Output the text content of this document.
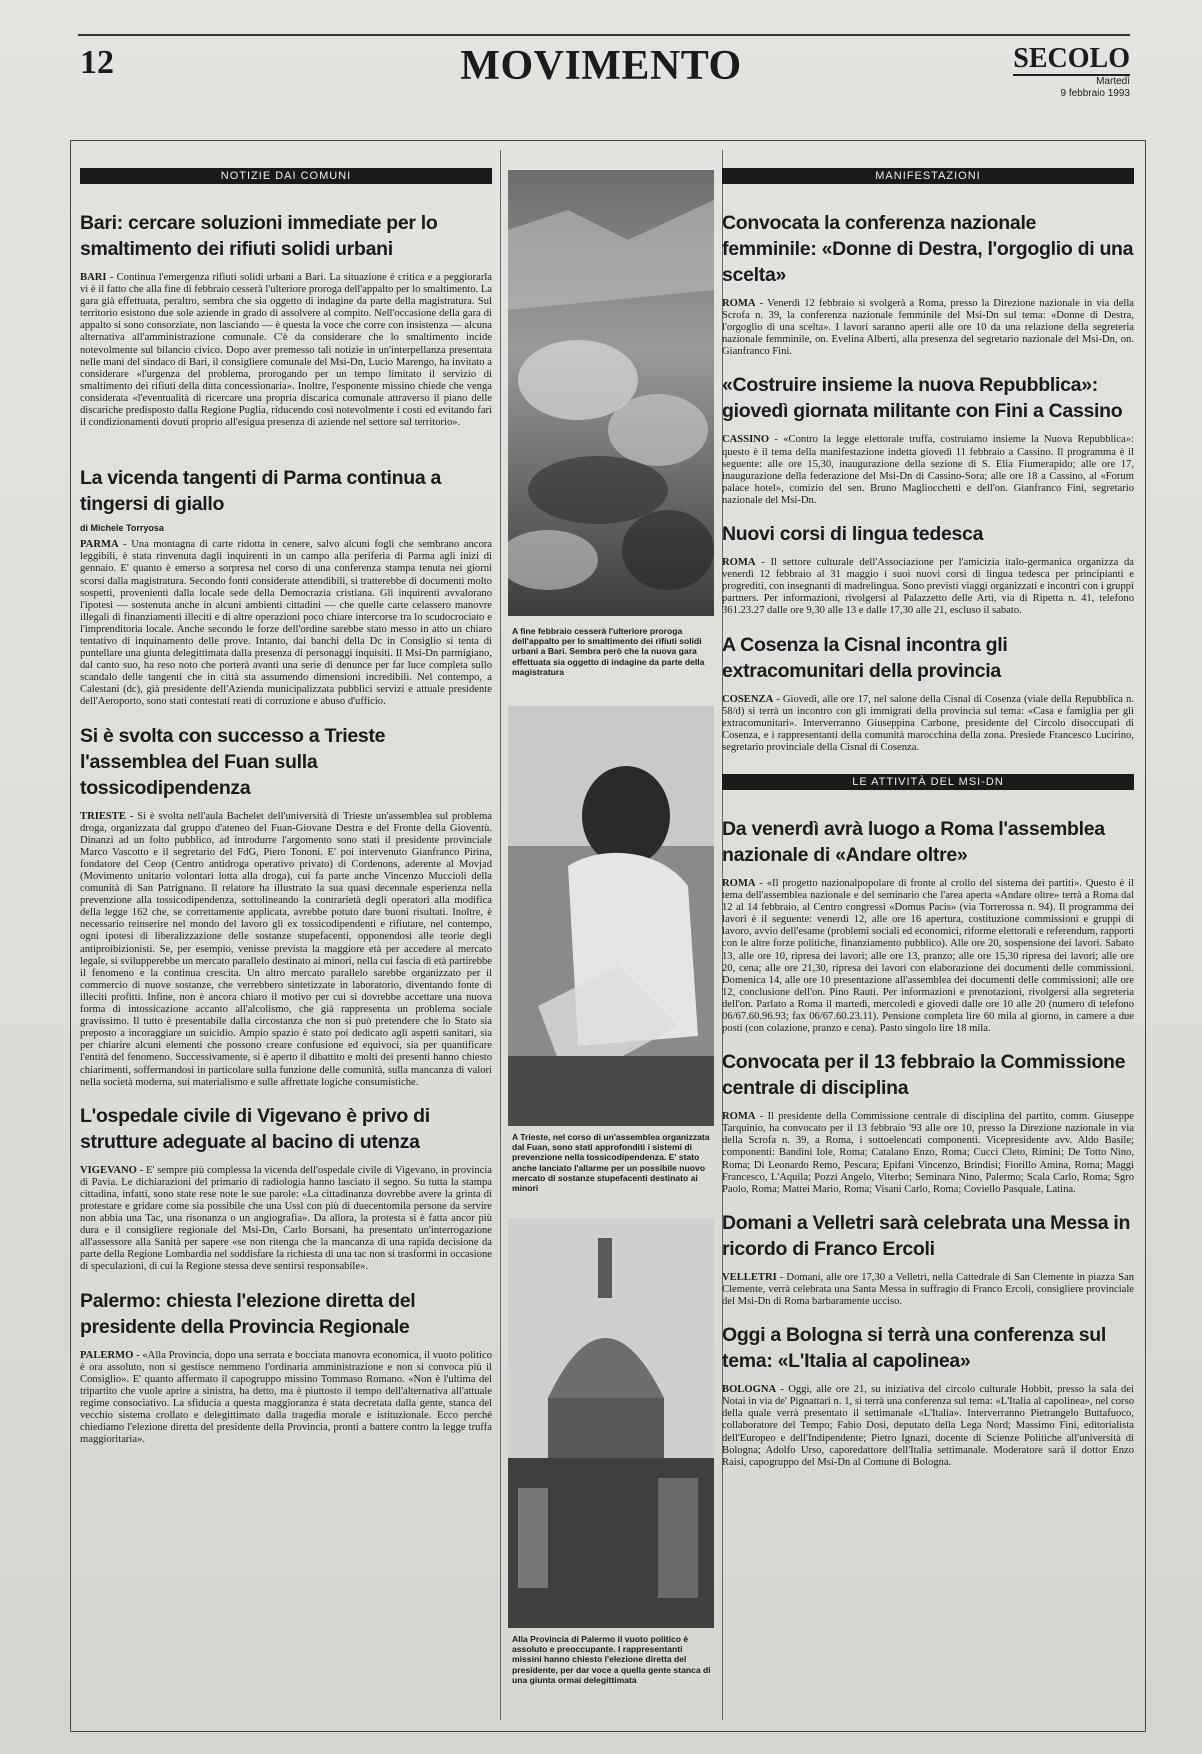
12	MOVIMENTO	SECOLO
Martedì
9 febbraio 1993
NOTIZIE DAI COMUNI
Bari: cercare soluzioni immediate per lo smaltimento dei rifiuti solidi urbani

BARI - Continua l'emergenza rifiuti solidi urbani a Bari. La situazione è critica e a peggiorarla vi è il fatto che alla fine di febbraio cesserà l'ulteriore proroga dell'appalto per lo smaltimento. La gara già effettuata, peraltro, sembra che sia oggetto di indagine da parte della magistratura. Sul territorio esistono due sole aziende in grado di assolvere al compito. Nell'occasione della gara di appalto si sono consorziate, non lasciando — è questa la voce che corre con insistenza — alcuna alternativa all'amministrazione comunale. C'è da considerare che lo smaltimento incide notevolmente sul bilancio civico. Dopo aver premesso tali notizie in un'interpellanza presentata nelle mani del sindaco di Bari, il consigliere comunale del Msi-Dn, Lucio Marengo, ha invitato a considerare «l'urgenza del problema, prorogando per un tempo limitato il servizio di smaltimento dei rifiuti della ditta concessionaria». Inoltre, l'esponente missino chiede che venga considerata «l'eventualità di ricercare una propria discarica comunale attraverso il piano delle discariche predisposto dalla Regione Puglia, riducendo così notevolmente i costi ed evitando fari il condizionamenti dovuti proprio all'esigua presenza di aziende nel settore sul territorio».

La vicenda tangenti di Parma continua a tingersi di giallo
di Michele Torryosa

PARMA - Una montagna di carte ridotta in cenere, salvo alcuni fogli che sembrano ancora leggibili, è stata rinvenuta dagli inquirenti in un campo alla periferia di Parma agli inizi di gennaio. E' quanto è emerso a sorpresa nel corso di una conferenza stampa tenuta nei giorni scorsi dalla magistratura. Secondo fonti considerate attendibili, si tratterebbe di documenti molto sospetti, provenienti dalla locale sede della Democrazia cristiana. Gli inquirenti avvalorano l'ipotesi — sostenuta anche in alcuni ambienti cittadini — che quelle carte celassero manovre illegali di finanziamenti illeciti e di altre operazioni poco chiare intercorse tra lo scudocrociato e l'imprenditoria locale. Anche secondo le forze dell'ordine sarebbe stato messo in atto un chiaro tentativo di inquinamento delle prove. Intanto, dai banchi della Dc in Consiglio si tenta di puntellare una giunta delegittimata dalla presenza di personaggi inquisiti. Il Msi-Dn parmigiano, dal canto suo, ha reso noto che porterà avanti una serie di denunce per far luce completa sullo scandalo delle tangenti che in città sta assumendo dimensioni incredibili. Nel contempo, a Calestani (dc), già presidente dell'Azienda municipalizzata pubblici servizi e attuale presidente dell'Aeroporto, sono stati contestati reati di corruzione e abuso d'ufficio.

Si è svolta con successo a Trieste l'assemblea del Fuan sulla tossicodipendenza

TRIESTE - Si è svolta nell'aula Bachelet dell'università di Trieste un'assemblea sul problema droga, organizzata dal gruppo d'ateneo del Fuan-Giovane Destra e del Fronte della Gioventù. Dinanzi ad un folto pubblico, ad introdurre l'argomento sono stati il presidente provinciale Marco Vascotto e il segretario del FdG, Piero Tononi. E' poi intervenuto Gianfranco Pirina, fondatore del Ceop (Centro antidroga operativo privato) di Cordenons, aderente al Movjad (Movimento unitario volontari lotta alla droga), cui fa parte anche Vincenzo Muccioli della comunità di San Patrignano. Il relatore ha illustrato la sua quasi decennale esperienza nella prevenzione alla tossicodipendenza, sottolineando la contrarietà degli operatori alla modifica della legge 162 che, se correttamente applicata, avrebbe potuto dare buoni risultati. Inoltre, è necessario reinserire nel mondo del lavoro gli ex tossicodipendenti e rifiutare, nel contempo, ogni ipotesi di liberalizzazione delle sostanze stupefacenti, opponendosi alle teorie degli antiproibizionisti. Se, per esempio, venisse prevista la maggiore età per accedere al mercato legale, si svilupperebbe un mercato parallelo destinato ai minori, nella cui fascia di età partirebbe il fenomeno e la continua crescita. Un altro mercato parallelo sarebbe organizzato per il commercio di nuove sostanze, che verrebbero sintetizzate in laboratorio, diventando fonte di illeciti profitti. Infine, non è ancora chiaro il motivo per cui si dovrebbe accettare una nuova forma di intossicazione accanto all'alcolismo, che già rappresenta un problema sociale gravissimo. Il tutto è presentabile dalla circostanza che non si può pretendere che lo Stato sia preposto a incoraggiare un suicidio. Ampio spazio è stato poi dedicato agli aspetti sanitari, sia per chiarire alcuni elementi che possono creare confusione ed equivoci, sia per quantificare l'entità del fenomeno. Successivamente, si è aperto il dibattito e molti dei presenti hanno chiesto chiarimenti, soffermandosi in particolare sulla funzione delle comunità, sulla mancanza di valori nella società moderna, sui materialismo e sulle affrettate logiche consumistiche.

L'ospedale civile di Vigevano è privo di strutture adeguate al bacino di utenza

VIGEVANO - E' sempre più complessa la vicenda dell'ospedale civile di Vigevano, in provincia di Pavia. Le dichiarazioni del primario di radiologia hanno lasciato il segno. Su tutta la stampa cittadina, infatti, sono state rese note le sue parole: «La cittadinanza dovrebbe avere la grinta di protestare e gridare come sia possibile che una Ussl con più di duecentomila persone da servire non abbia una Tac, una risonanza o un angiografia». Da allora, la protesta si è fatta ancor più dura e il consigliere regionale del Msi-Dn, Carlo Borsani, ha presentato un'interrogazione all'assessore alla Sanità per sapere «se non ritenga che la mancanza di una rapida decisione da parte della Regione Lombardia nel soddisfare la richiesta di una tac non si trasformi in occasione di speculazioni, di cui la Regione stessa deve sentirsi responsabile».

Palermo: chiesta l'elezione diretta del presidente della Provincia Regionale

PALERMO - «Alla Provincia, dopo una serrata e bocciata manovra economica, il vuoto politico è ora assoluto, non si gestisce nemmeno l'ordinaria amministrazione e non si convoca più il Consiglio». E' quanto affermato il capogruppo missino Tommaso Romano. «Non è l'ultima del tripartito che vuole aprire a sinistra, ha detto, ma è piuttosto il tempo dell'alternativa all'attuale regime consociativo. La sfiducia a questa maggioranza è stata decretata dalla gente, stanca del vecchio sistema crollato e delegittimato dalla tragedia morale e istituzionale. Ecco perché chiediamo l'elezione diretta del presidente della Provincia, pronti a battere contro la legge truffa maggioritaria».

A fine febbraio cesserà l'ulteriore proroga dell'appalto per lo smaltimento dei rifiuti solidi urbani a Bari. Sembra però che la nuova gara effettuata sia oggetto di indagine da parte della magistratura

A Trieste, nel corso di un'assemblea organizzata dal Fuan, sono stati approfonditi i sistemi di prevenzione nella tossicodipendenza. E' stato anche lanciato l'allarme per un possibile nuovo mercato di sostanze stupefacenti destinato ai minori

Alla Provincia di Palermo il vuoto politico è assoluto e preoccupante. I rappresentanti missini hanno chiesto l'elezione diretta del presidente, per dar voce a quella gente stanca di una giunta ormai delegittimata

MANIFESTAZIONI
Convocata la conferenza nazionale femminile: «Donne di Destra, l'orgoglio di una scelta»

ROMA - Venerdì 12 febbraio si svolgerà a Roma, presso la Direzione nazionale in via della Scrofa n. 39, la conferenza nazionale femminile del Msi-Dn sul tema: «Donne di Destra, l'orgoglio di una scelta». I lavori saranno aperti alle ore 10 da una relazione della segreteria nazionale femminile, on. Evelina Alberti, alla presenza del segretario nazionale del Msi-Dn, on. Gianfranco Fini.

«Costruire insieme la nuova Repubblica»: giovedì giornata militante con Fini a Cassino

CASSINO - «Contro la legge elettorale truffa, costruiamo insieme la Nuova Repubblica»: questo è il tema della manifestazione indetta giovedì 11 febbraio a Cassino. Il programma è il seguente: alle ore 15,30, inaugurazione della sezione di S. Elia Fiumerapido; alle ore 17, inaugurazione della federazione del Msi-Dn di Cassino-Sora; alle ore 18 a Cassino, al «Forum palace hotel», comizio del sen. Bruno Magliocchetti e dell'on. Gianfranco Fini, segretario nazionale del Msi-Dn.

Nuovi corsi di lingua tedesca

ROMA - Il settore culturale dell'Associazione per l'amicizia italo-germanica organizza da venerdì 12 febbraio al 31 maggio i suoi nuovi corsi di lingua tedesca per principianti e progrediti, con insegnanti di madrelingua. Sono previsti viaggi organizzati e incontri con i gruppi partners. Per informazioni, rivolgersi al Palazzetto delle Arti, via di Ripetta n. 41, telefono 361.23.27 dalle ore 9,30 alle 13 e dalle 17,30 alle 21, escluso il sabato.

A Cosenza la Cisnal incontra gli extracomunitari della provincia

COSENZA - Giovedì, alle ore 17, nel salone della Cisnal di Cosenza (viale della Repubblica n. 58/d) si terrà un incontro con gli immigrati della provincia sul tema: «Casa e famiglia per gli extracomunitari». Interverranno Giuseppina Carbone, presidente del Circolo disoccupati di Cosenza, e i rappresentanti della comunità marocchina della zona. Presiede Francesco Lucirino, segretario provinciale della Cisnal di Cosenza.

LE ATTIVITÀ DEL MSI-DN
Da venerdì avrà luogo a Roma l'assemblea nazionale di «Andare oltre»

ROMA - «Il progetto nazionalpopolare di fronte al crollo del sistema dei partiti». Questo è il tema dell'assemblea nazionale e del seminario che l'area aperta «Andare oltre» terrà a Roma dal 12 al 14 febbraio, al Centro congressi «Domus Pacis» (via Torrerossa n. 94). Il programma dei lavori è il seguente: venerdì 12, alle ore 16 apertura, costituzione commissioni e gruppi di lavoro, avvio dell'esame (problemi sociali ed economici, riforme elettorali e referendum, rapporti con le altre forze politiche, finanziamento pubblico). Alle ore 20, sospensione dei lavori. Sabato 13, alle ore 10, ripresa dei lavori; alle ore 13, pranzo; alle ore 15,30 ripresa dei lavori; alle ore 20, cena; alle ore 21,30, ripresa dei lavori con elaborazione dei documenti delle commissioni. Domenica 14, alle ore 10 presentazione all'assemblea dei documenti delle commissioni; alle ore 12, conclusione dell'on. Pino Rauti. Per informazioni e prenotazioni, rivolgersi alla segreteria dell'on. Parlato a Roma il martedì, mercoledì e giovedì dalle ore 10 alle 20 (numero di telefono 06/67.60.96.93; fax 06/67.60.23.11). Pensione completa lire 60 mila al giorno, in camere a due posti (con colazione, pranzo e cena). Pasto singolo lire 18 mila.

Convocata per il 13 febbraio la Commissione centrale di disciplina

ROMA - Il presidente della Commissione centrale di disciplina del partito, comm. Giuseppe Tarquinio, ha convocato per il 13 febbraio '93 alle ore 10, presso la Direzione nazionale in via della Scrofa n. 39, a Roma, i sottoelencati componenti. Vicepresidente avv. Aldo Basile; componenti: Bandini Iole, Roma; Catalano Enzo, Roma; Cucci Cleto, Rimini; De Totto Nino, Roma; Di Leonardo Remo, Pescara; Epifani Vincenzo, Brindisi; Fiorillo Amina, Roma; Maggi Francesco, L'Aquila; Pozzi Angelo, Viterbo; Seminara Nino, Palermo; Scala Carlo, Roma; Sgro Paolo, Roma; Mattei Mario, Roma; Visani Carlo, Roma; Coviello Pasquale, Latina.

Domani a Velletri sarà celebrata una Messa in ricordo di Franco Ercoli

VELLETRI - Domani, alle ore 17,30 a Velletri, nella Cattedrale di San Clemente in piazza San Clemente, verrà celebrata una Santa Messa in suffragio di Franco Ercoli, consigliere provinciale del Msi-Dn di Roma barbaramente ucciso.

Oggi a Bologna si terrà una conferenza sul tema: «L'Italia al capolinea»

BOLOGNA - Oggi, alle ore 21, su iniziativa del circolo culturale Hobbit, presso la sala dei Notai in via de' Pignattari n. 1, si terrà una conferenza sul tema: «L'Italia al capolinea», nel corso della quale verrà presentato il settimanale «L'Italia». Interverranno Pietrangelo Buttafuoco, collaboratore del Tempo; Fabio Dosi, deputato della Lega Nord; Massimo Fini, editorialista dell'Europeo e dell'Indipendente; Pietro Ignazi, docente di Scienze Politiche all'università di Bologna; Adolfo Urso, caporedattore dell'Italia settimanale. Moderatore sarà il dottor Enzo Raisi, capogruppo del Msi-Dn al Comune di Bologna.
